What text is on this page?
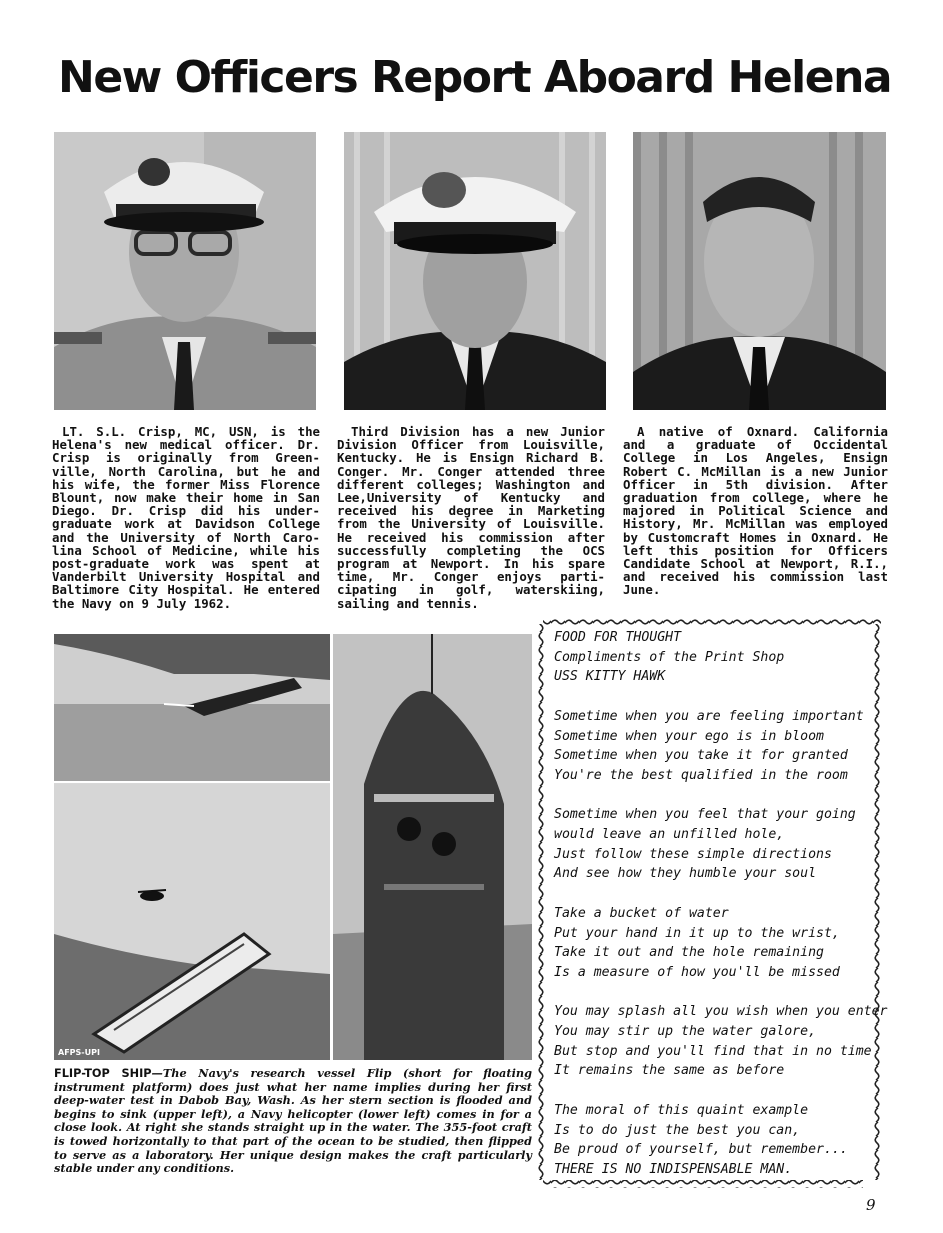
New Officers Report Aboard Helena

LT. S.L. Crisp, MC, USN, is the Helena's new medical officer. Dr. Crisp is originally from Green- ville, North Carolina, but he and his wife, the former Miss Florence Blount, now make their home in San Diego. Dr. Crisp did his under- graduate work at Davidson College and the University of North Caro- lina School of Medicine, while his post-graduate work was spent at Vanderbilt University Hospital and Baltimore City Hospital. He entered the Navy on 9 July 1962.

Third Division has a new Junior Division Officer from Louisville, Kentucky. He is Ensign Richard B. Conger. Mr. Conger attended three different colleges; Washington and Lee,University of Kentucky and received his degree in Marketing from the University of Louisville. He received his commission after successfully completing the OCS program at Newport. In his spare time, Mr. Conger enjoys parti- cipating in golf, waterskiing, sailing and tennis.

A native of Oxnard. California and a graduate of Occidental College in Los Angeles, Ensign Robert C. McMillan is a new Junior Officer in 5th division. After graduation from college, where he majored in Political Science and History, Mr. McMillan was employed by Customcraft Homes in Oxnard. He left this position for Officers Candidate School at Newport, R.I., and received his commission last June.

AFPS-UPI

FLIP-TOP SHIP—The Navy's research vessel Flip (short for floating instrument platform) does just what her name implies during her first deep-water test in Dabob Bay, Wash. As her stern section is flooded and begins to sink (upper left), a Navy helicopter (lower left) comes in for a close look. At right she stands straight up in the water. The 355-foot craft is towed horizontally to that part of the ocean to be studied, then flipped to serve as a laboratory. Her unique design makes the craft particularly stable under any conditions.

FOOD FOR THOUGHT
Compliments of the Print Shop
USS KITTY HAWK
Sometime when you are feeling important
Sometime when your ego is in bloom
Sometime when you take it for granted
You're the best qualified in the room
Sometime when you feel that your going
would leave an unfilled hole,
Just follow these simple directions
And see how they humble your soul
Take a bucket of water
Put your hand in it up to the wrist,
Take it out and the hole remaining
Is a measure of how you'll be missed
You may splash all you wish when you enter
You may stir up the water galore,
But stop and you'll find that in no time
It remains the same as before
The moral of this quaint example
Is to do just the best you can,
Be proud of yourself, but remember...
THERE IS NO INDISPENSABLE MAN.
9
